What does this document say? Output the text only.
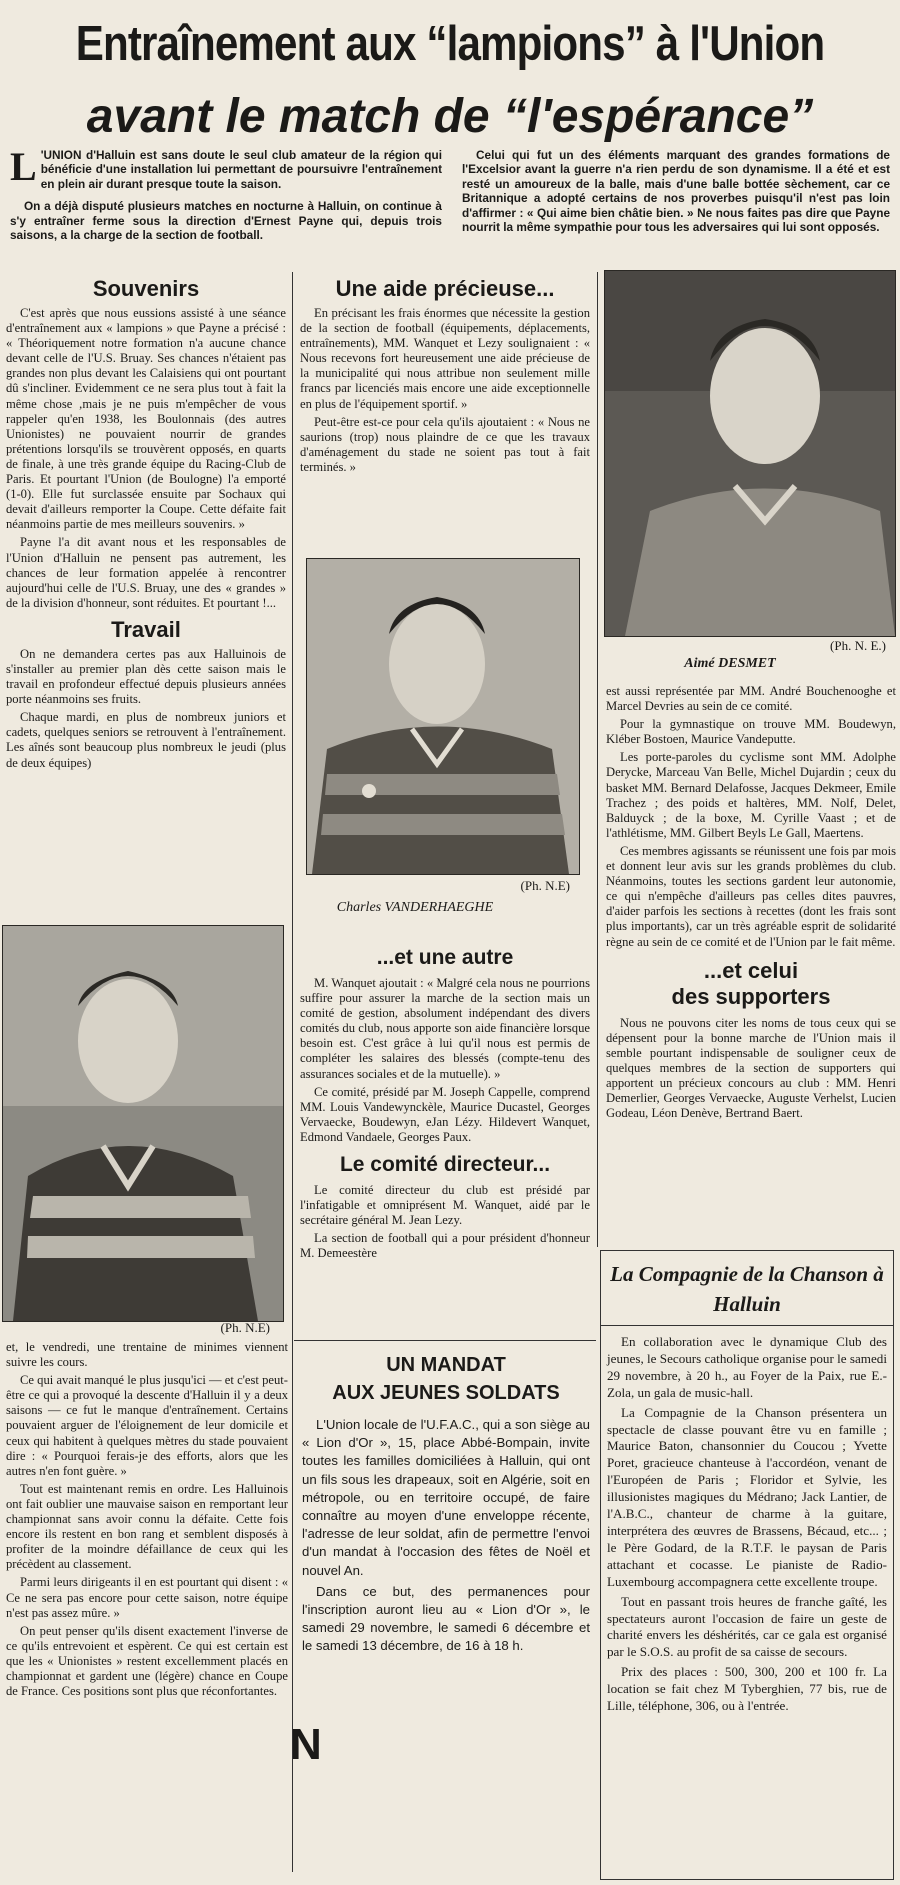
Entraînement aux “lampions” à l'Union
avant le match de “l'espérance”

L 'UNION d'Halluin est sans doute le seul club amateur de la région qui bénéficie d'une installation lui permettant de poursuivre l'entraînement en plein air durant presque toute la saison.

On a déjà disputé plusieurs matches en nocturne à Halluin, on continue à s'y entraîner ferme sous la direction d'Ernest Payne qui, depuis trois saisons, a la charge de la section de football.

Celui qui fut un des éléments marquant des grandes formations de l'Excelsior avant la guerre n'a rien perdu de son dynamisme. Il a été et est resté un amoureux de la balle, mais d'une balle bottée sèchement, car ce Britannique a adopté certains de nos proverbes puisqu'il n'est pas loin d'affirmer : « Qui aime bien châtie bien. » Ne nous faites pas dire que Payne nourrit la même sympathie pour tous les adversaires qui lui sont opposés.

Souvenirs

C'est après que nous eussions assisté à une séance d'entraînement aux « lampions » que Payne a précisé : « Théoriquement notre formation n'a aucune chance devant celle de l'U.S. Bruay. Ses chances n'étaient pas grandes non plus devant les Calaisiens qui ont pourtant dû s'incliner. Evidemment ce ne sera plus tout à fait la même chose ,mais je ne puis m'empêcher de vous rappeler qu'en 1938, les Boulonnais (des autres Unionistes) ne pouvaient nourrir de grandes prétentions lorsqu'ils se trouvèrent opposés, en quarts de finale, à une très grande équipe du Racing-Club de Paris. Et pourtant l'Union (de Boulogne) l'a emporté (1-0). Elle fut surclassée ensuite par Sochaux qui devait d'ailleurs remporter la Coupe. Cette défaite fait néanmoins partie de mes meilleurs souvenirs. »

Payne l'a dit avant nous et les responsables de l'Union d'Halluin ne pensent pas autrement, les chances de leur formation appelée à rencontrer aujourd'hui celle de l'U.S. Bruay, une des « grandes » de la division d'honneur, sont réduites. Et pourtant !...

Travail

On ne demandera certes pas aux Halluinois de s'installer au premier plan dès cette saison mais le travail en profondeur effectué depuis plusieurs années porte néanmoins ses fruits.

Chaque mardi, en plus de nombreux juniors et cadets, quelques seniors se retrouvent à l'entraînement. Les aînés sont beaucoup plus nombreux le jeudi (plus de deux équipes)

(Ph. N.E)

et, le vendredi, une trentaine de minimes viennent suivre les cours.

Ce qui avait manqué le plus jusqu'ici — et c'est peut-être ce qui a provoqué la descente d'Halluin il y a deux saisons — ce fut le manque d'entraînement. Certains pouvaient arguer de l'éloignement de leur domicile et ceux qui habitent à quelques mètres du stade pouvaient dire : « Pourquoi ferais-je des efforts, alors que les autres n'en font guère. »

Tout est maintenant remis en ordre. Les Halluinois ont fait oublier une mauvaise saison en remportant leur championnat sans avoir connu la défaite. Cette fois encore ils restent en bon rang et semblent disposés à profiter de la moindre défaillance de ceux qui les précèdent au classement.

Parmi leurs dirigeants il en est pourtant qui disent : « Ce ne sera pas encore pour cette saison, notre équipe n'est pas assez mûre. »

On peut penser qu'ils disent exactement l'inverse de ce qu'ils entrevoient et espèrent. Ce qui est certain est que les « Unionistes » restent excellemment placés en championnat et gardent une (légère) chance en Coupe de France. Ces positions sont plus que réconfortantes.

N
Une aide précieuse...

En précisant les frais énormes que nécessite la gestion de la section de football (équipements, déplacements, entraînements), MM. Wanquet et Lezy soulignaient : « Nous recevons fort heureusement une aide précieuse de la municipalité qui nous attribue non seulement mille francs par licenciés mais encore une aide exceptionnelle en plus de l'équipement sportif. »

Peut-être est-ce pour cela qu'ils ajoutaient : « Nous ne saurions (trop) nous plaindre de ce que les travaux d'aménagement du stade ne soient pas tout à fait terminés. »

(Ph. N.E)
Charles VANDERHAEGHE
...et une autre

M. Wanquet ajoutait : « Malgré cela nous ne pourrions suffire pour assurer la marche de la section mais un comité de gestion, absolument indépendant des divers comités du club, nous apporte son aide financière lorsque besoin est. C'est grâce à lui qu'il nous est permis de compléter les salaires des blessés (compte-tenu des assurances sociales et de la mutuelle). »

Ce comité, présidé par M. Joseph Cappelle, comprend MM. Louis Vandewynckèle, Maurice Ducastel, Georges Vervaecke, Boudewyn, eJan Lézy. Hildevert Wanquet, Edmond Vandaele, Georges Paux.

Le comité directeur...

Le comité directeur du club est présidé par l'infatigable et omniprésent M. Wanquet, aidé par le secrétaire général M. Jean Lezy.

La section de football qui a pour président d'honneur M. Demeestère

UN MANDAT
AUX JEUNES SOLDATS

L'Union locale de l'U.F.A.C., qui a son siège au « Lion d'Or », 15, place Abbé-Bompain, invite toutes les familles domiciliées à Halluin, qui ont un fils sous les drapeaux, soit en Algérie, soit en métropole, ou en territoire occupé, de faire connaître au moyen d'une enveloppe récente, l'adresse de leur soldat, afin de permettre l'envoi d'un mandat à l'occasion des fêtes de Noël et nouvel An.

Dans ce but, des permanences pour l'inscription auront lieu au « Lion d'Or », le samedi 29 novembre, le samedi 6 décembre et le samedi 13 décembre, de 16 à 18 h.

(Ph. N. E.)
Aimé DESMET

est aussi représentée par MM. André Bouchenooghe et Marcel Devries au sein de ce comité.

Pour la gymnastique on trouve MM. Boudewyn, Kléber Bostoen, Maurice Vandeputte.

Les porte-paroles du cyclisme sont MM. Adolphe Derycke, Marceau Van Belle, Michel Dujardin ; ceux du basket MM. Bernard Delafosse, Jacques Dekmeer, Emile Trachez ; des poids et haltères, MM. Nolf, Delet, Balduyck ; de la boxe, M. Cyrille Vaast ; et de l'athlétisme, MM. Gilbert Beyls Le Gall, Maertens.

Ces membres agissants se réunissent une fois par mois et donnent leur avis sur les grands problèmes du club. Néanmoins, toutes les sections gardent leur autonomie, ce qui n'empêche d'ailleurs pas celles dites pauvres, d'aider parfois les sections à recettes (dont les frais sont plus importants), car un très agréable esprit de solidarité règne au sein de ce comité et de l'Union par le fait même.

...et celui
des supporters

Nous ne pouvons citer les noms de tous ceux qui se dépensent pour la bonne marche de l'Union mais il semble pourtant indispensable de souligner ceux de quelques membres de la section de supporters qui apportent un précieux concours au club : MM. Henri Demerlier, Georges Vervaecke, Auguste Verhelst, Lucien Godeau, Léon Denève, Bertrand Baert.

La Compagnie de la Chanson à Halluin

En collaboration avec le dynamique Club des jeunes, le Secours catholique organise pour le samedi 29 novembre, à 20 h., au Foyer de la Paix, rue E.-Zola, un gala de music-hall.

La Compagnie de la Chanson présentera un spectacle de classe pouvant être vu en famille ; Maurice Baton, chansonnier du Coucou ; Yvette Poret, gracieuce chanteuse à l'accordéon, venant de l'Européen de Paris ; Floridor et Sylvie, les illusionistes magiques du Médrano; Jack Lantier, de l'A.B.C., chanteur de charme à la guitare, interprétera des œuvres de Brassens, Bécaud, etc... ; le Père Godard, de la R.T.F. le paysan de Paris attachant et cocasse. Le pianiste de Radio-Luxembourg accompagnera cette excellente troupe.

Tout en passant trois heures de franche gaîté, les spectateurs auront l'occasion de faire un geste de charité envers les déshérités, car ce gala est organisé par le S.O.S. au profit de sa caisse de secours.

Prix des places : 500, 300, 200 et 100 fr. La location se fait chez M Tyberghien, 77 bis, rue de Lille, téléphone, 306, ou à l'entrée.
